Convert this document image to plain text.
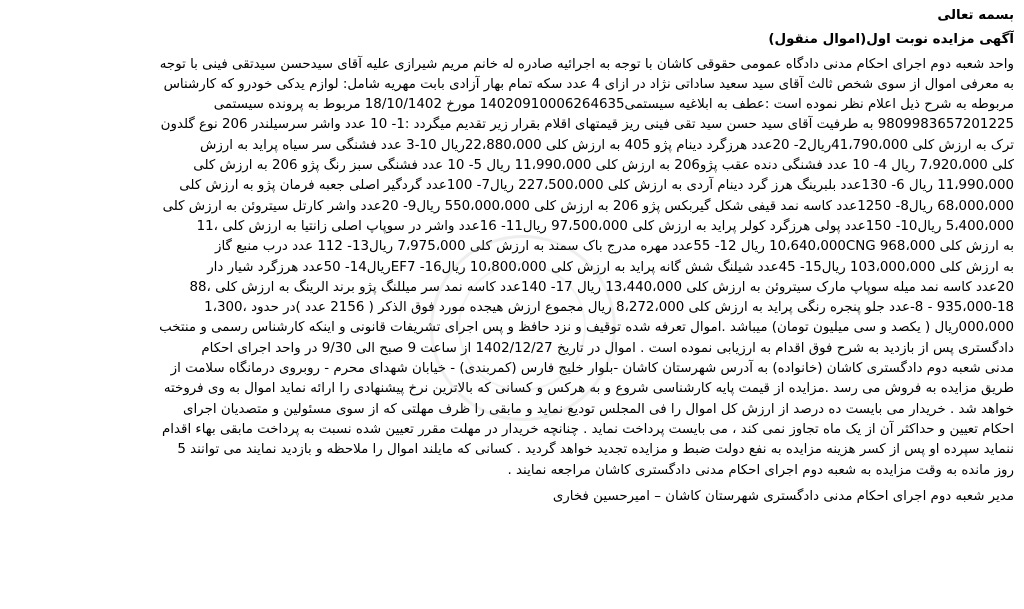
بسمه تعالی

آگهی مزایده نوبت اول(اموال منقول)

واحد شعبه دوم اجرای احکام مدنی دادگاه عمومی حقوقی کاشان با توجه به اجرائیه صادره له خانم مریم شیرازی علیه آقای سیدحسن سیدتقی فینی با توجه

به معرفی اموال از سوی شخص ثالث آقای سید سعید ساداتی نژاد در ازای 4 عدد سکه تمام بهار آزادی بابت مهریه شامل: لوازم یدکی خودرو که کارشناس

مربوطه به شرح ذیل اعلام نظر نموده است :عطف به ابلاغیه سیستمی14020910006264635 مورخ 18/10/1402 مربوط به پرونده سیستمی

9809983657201225 به طرفیت آقای سید حسن سید تقی فینی ریز قیمتهای اقلام بقرار زیر تقدیم میگردد :1- 10 عدد واشر سرسیلندر 206 نوع گلدون

ترک به ارزش کلی 41،790،000ریال2- 20عدد هرزگرد دینام پژو 405 به ارزش کلی 22،880،000ریال 10-3 عدد فشنگی سر سیاه پراید به ارزش

کلی 7،920،000 ریال 4- 10 عدد فشنگی دنده عقب پژو206 به ارزش کلی 11،990،000 ریال 5- 10 عدد فشنگی سبز رنگ پژو 206 به ارزش کلی

11،990،000 ریال 6- 130عدد بلبرینگ هرز گرد دینام آردی به ارزش کلی 227،500،000 ریال7- 100عدد گردگیر اصلی جعبه فرمان پژو به ارزش کلی

68،000،000 ریال8- 1250عدد کاسه نمد قیفی شکل گیربکس پژو 206 به ارزش کلی 550،000،000 ریال9- 20عدد واشر کارتل سیتروئن به ارزش کلی

5،400،000 ریال10- 150عدد پولی هرزگرد کولر پراید به ارزش کلی 97،500،000 ریال11- 16عدد واشر در سوپاپ اصلی زانتیا به ارزش کلی ،11

به ارزش کلی 10،640،000CNG 968،000 ریال 12- 55عدد مهره مدرج باک سمند به ارزش کلی 7،975،000 ریال13- 112 عدد درب منبع گاز

به ارزش کلی 103،000،000 ریال15- 45عدد شیلنگ شش گانه پراید به ارزش کلی 10،800،000 ریال16- EF7ریال14- 50عدد هرزگرد شیار دار

20عدد کاسه نمد میله سوپاپ مارک سیتروئن به ارزش کلی 13،440،000 ریال 17- 140عدد کاسه نمد سر میللنگ پژو برند الرینگ به ارزش کلی ،88

935،000-18 - 8-عدد جلو پنجره رنگی پراید به ارزش کلی 8،272،000 ریال مجموع ارزش هیجده مورد فوق الذکر ( 2156 عدد )در حدود ،1،300

000،000ریال ( یکصد و سی میلیون تومان) میباشد .اموال تعرفه شده توقیف و نزد حافظ و پس اجرای تشریفات قانونی و اینکه کارشناس رسمی و منتخب

دادگستری پس از بازدید به شرح فوق اقدام به ارزیابی نموده است . اموال در تاریخ 1402/12/27 از ساعت 9 صبح الی 9/30 در واحد اجرای احکام

مدنی شعبه دوم دادگستری کاشان (خانواده) به آدرس شهرستان کاشان -بلوار خلیج فارس (کمربندی) - خیابان شهدای محرم - روبروی درمانگاه سلامت از

طریق مزایده به فروش می رسد .مزایده از قیمت پایه کارشناسی شروع و به هرکس و کسانی که بالاترین نرخ پیشنهادی را ارائه نماید اموال به وی فروخته

خواهد شد . خریدار می بایست ده درصد از ارزش کل اموال را فی المجلس تودیع نماید و مابقی را ظرف مهلتی که از سوی مسئولین و متصدیان اجرای

احکام تعیین و حداکثر آن از یک ماه تجاوز نمی کند ، می بایست پرداخت نماید . چنانچه خریدار در مهلت مقرر تعیین شده نسبت به پرداخت مابقی بهاء اقدام

ننماید سپرده او پس از کسر هزینه مزایده به نفع دولت ضبط و مزایده تجدید خواهد گردید . کسانی که مایلند اموال را ملاحظه و بازدید نمایند می توانند 5

روز مانده به وقت مزایده به شعبه دوم اجرای احکام مدنی دادگستری کاشان مراجعه نمایند .

مدیر شعبه دوم اجرای احکام مدنی دادگستری شهرستان کاشان – امیرحسین فخاری
